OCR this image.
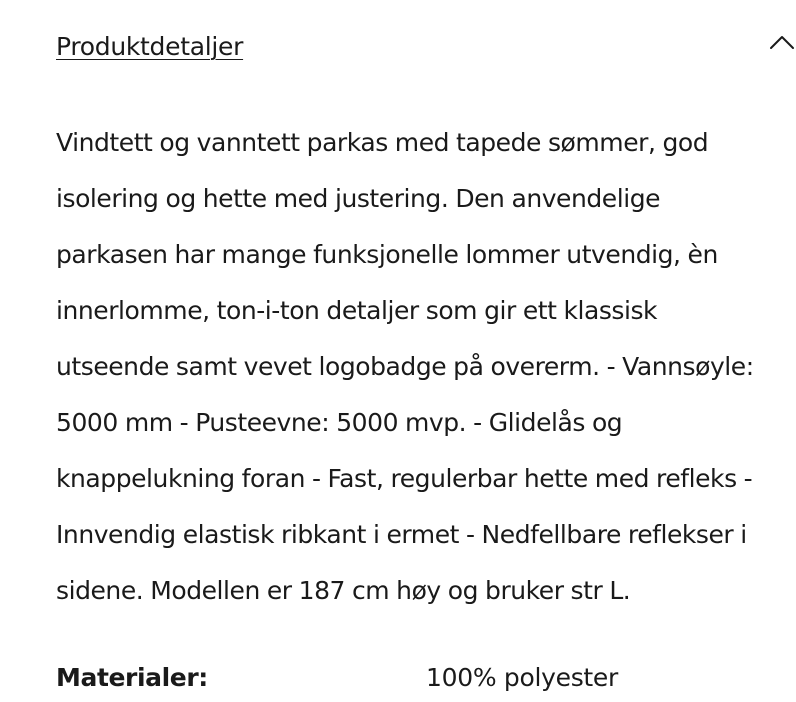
Produktdetaljer

Vindtett og vanntett parkas med tapede sømmer, god isolering og hette med justering. Den anvendelige parkasen har mange funksjonelle lommer utvendig, èn innerlomme, ton-i-ton detaljer som gir ett klassisk utseende samt vevet logobadge på overerm. - Vannsøyle: 5000 mm - Pusteevne: 5000 mvp. - Glidelås og knappelukning foran - Fast, regulerbar hette med refleks - Innvendig elastisk ribkant i ermet - Nedfellbare reflekser i sidene. Modellen er 187 cm høy og bruker str L.

Materialer:	100% polyester
